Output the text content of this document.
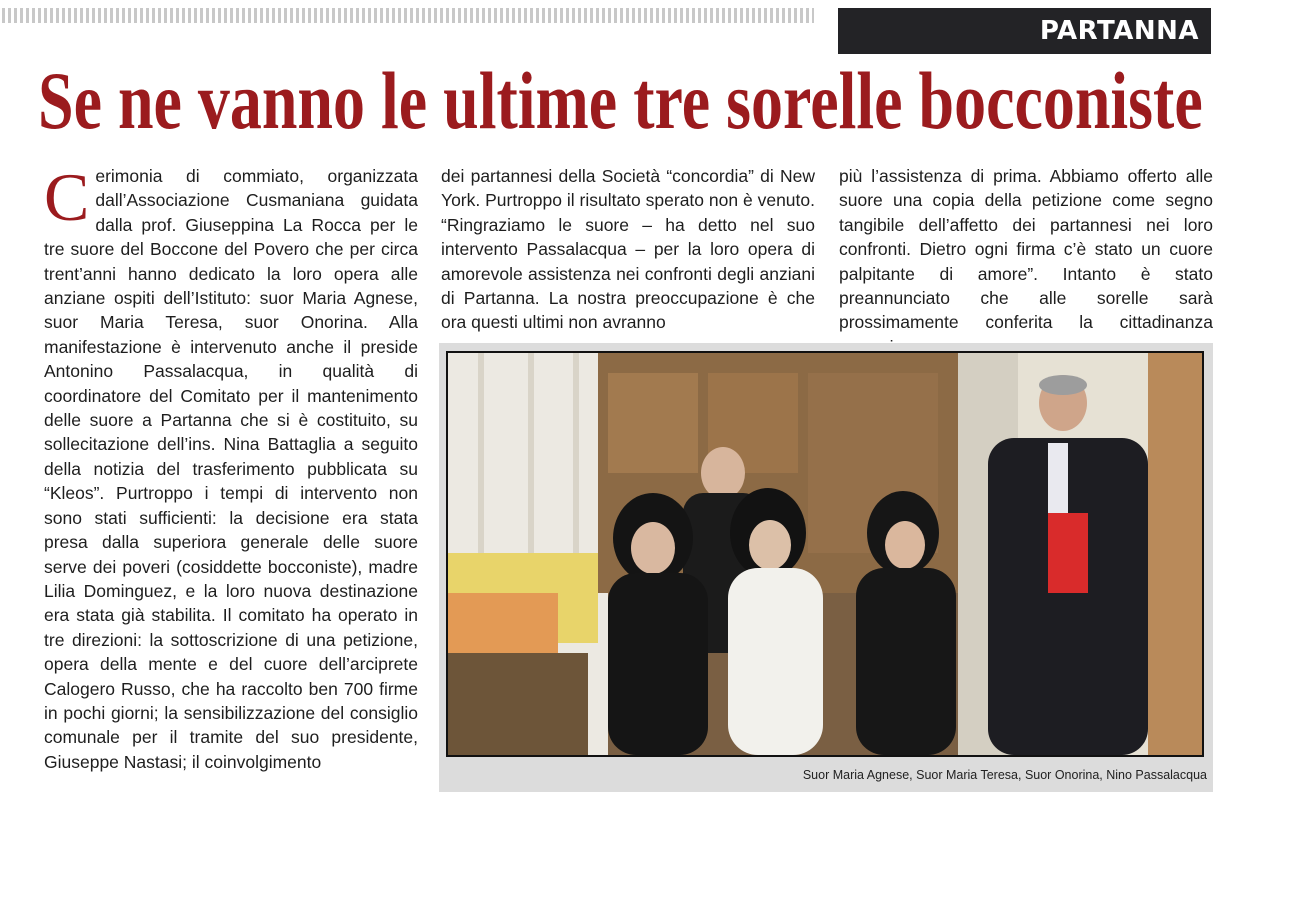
PARTANNA
Se ne vanno le ultime tre sorelle bocconiste
C erimonia di commiato, organizzata dall’Associazione Cusmaniana guidata dalla prof. Giuseppina La Rocca per le tre suore del Boccone del Povero che per circa trent’anni hanno dedicato la loro opera alle anziane ospiti dell’Istituto: suor Maria Agnese, suor Maria Teresa, suor Onorina. Alla manifestazione è intervenuto anche il preside Antonino Passalacqua, in qualità di coordinatore del Comitato per il mantenimento delle suore a Partanna che si è costituito, su sollecitazione dell’ins. Nina Battaglia a seguito della notizia del trasferimento pubblicata su “Kleos”. Purtroppo i tempi di intervento non sono stati sufficienti: la decisione era stata presa dalla superiora generale delle suore serve dei poveri (cosiddette bocconiste), madre Lilia Dominguez, e la loro nuova destinazione era stata già stabilita. Il comitato ha operato in tre direzioni: la sottoscrizione di una petizione, opera della mente e del cuore dell’arciprete Calogero Russo, che ha raccolto ben 700 firme in pochi giorni; la sensibilizzazione del consiglio comunale per il tramite del suo presidente, Giuseppe Nastasi; il coinvolgimento

dei partannesi della Società “concordia” di New York. Purtroppo il risultato sperato non è venuto. “Ringraziamo le suore – ha detto nel suo intervento Passalacqua – per la loro opera di amorevole assistenza nei confronti degli anziani di Partanna. La nostra preoccupazione è che ora questi ultimi non avranno

più l’assistenza di prima. Abbiamo offerto alle suore una copia della petizione come segno tangibile dell’affetto dei partannesi nei loro confronti. Dietro ogni firma c’è stato un cuore palpitante di amore”. Intanto è stato preannunciato che alle sorelle sarà prossimamente conferita la cittadinanza

Suor Maria Agnese, Suor Maria Teresa, Suor Onorina, Nino Passalacqua
